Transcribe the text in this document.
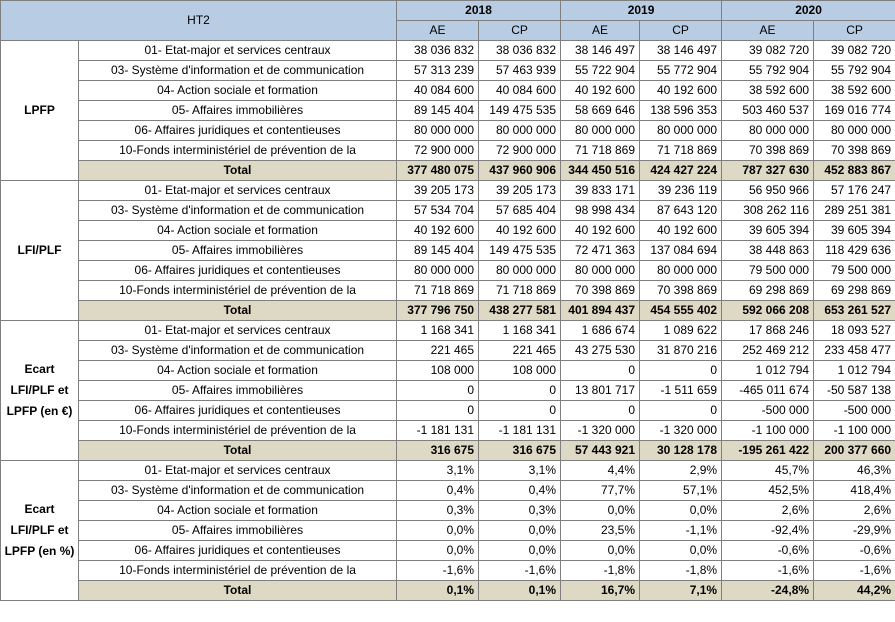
HT2		2018		2019		2020	
		AE	CP	AE	CP	AE	CP

LPFP	01- Etat-major et services centraux	38 036 832	38 036 832	38 146 497	38 146 497	39 082 720	39 082 720
	03- Système d'information et de communication	57 313 239	57 463 939	55 722 904	55 772 904	55 792 904	55 792 904
	04- Action sociale et formation	40 084 600	40 084 600	40 192 600	40 192 600	38 592 600	38 592 600
	05- Affaires immobilières	89 145 404	149 475 535	58 669 646	138 596 353	503 460 537	169 016 774
	06- Affaires juridiques et contentieuses	80 000 000	80 000 000	80 000 000	80 000 000	80 000 000	80 000 000
	10-Fonds interministériel de prévention de la	72 900 000	72 900 000	71 718 869	71 718 869	70 398 869	70 398 869
	Total	377 480 075	437 960 906	344 450 516	424 427 224	787 327 630	452 883 867

LFI/PLF	01- Etat-major et services centraux	39 205 173	39 205 173	39 833 171	39 236 119	56 950 966	57 176 247
	03- Système d'information et de communication	57 534 704	57 685 404	98 998 434	87 643 120	308 262 116	289 251 381
	04- Action sociale et formation	40 192 600	40 192 600	40 192 600	40 192 600	39 605 394	39 605 394
	05- Affaires immobilières	89 145 404	149 475 535	72 471 363	137 084 694	38 448 863	118 429 636
	06- Affaires juridiques et contentieuses	80 000 000	80 000 000	80 000 000	80 000 000	79 500 000	79 500 000
	10-Fonds interministériel de prévention de la	71 718 869	71 718 869	70 398 869	70 398 869	69 298 869	69 298 869
	Total	377 796 750	438 277 581	401 894 437	454 555 402	592 066 208	653 261 527

Ecart
LFI/PLF et
LPFP (en €)	01- Etat-major et services centraux	1 168 341	1 168 341	1 686 674	1 089 622	17 868 246	18 093 527
	03- Système d'information et de communication	221 465	221 465	43 275 530	31 870 216	252 469 212	233 458 477
	04- Action sociale et formation	108 000	108 000	0	0	1 012 794	1 012 794
	05- Affaires immobilières	0	0	13 801 717	-1 511 659	-465 011 674	-50 587 138
	06- Affaires juridiques et contentieuses	0	0	0	0	-500 000	-500 000
	10-Fonds interministériel de prévention de la	-1 181 131	-1 181 131	-1 320 000	-1 320 000	-1 100 000	-1 100 000
	Total	316 675	316 675	57 443 921	30 128 178	-195 261 422	200 377 660

Ecart
LFI/PLF et
LPFP (en %)	01- Etat-major et services centraux	3,1%	3,1%	4,4%	2,9%	45,7%	46,3%
	03- Système d'information et de communication	0,4%	0,4%	77,7%	57,1%	452,5%	418,4%
	04- Action sociale et formation	0,3%	0,3%	0,0%	0,0%	2,6%	2,6%
	05- Affaires immobilières	0,0%	0,0%	23,5%	-1,1%	-92,4%	-29,9%
	06- Affaires juridiques et contentieuses	0,0%	0,0%	0,0%	0,0%	-0,6%	-0,6%
	10-Fonds interministériel de prévention de la	-1,6%	-1,6%	-1,8%	-1,8%	-1,6%	-1,6%
	Total	0,1%	0,1%	16,7%	7,1%	-24,8%	44,2%
